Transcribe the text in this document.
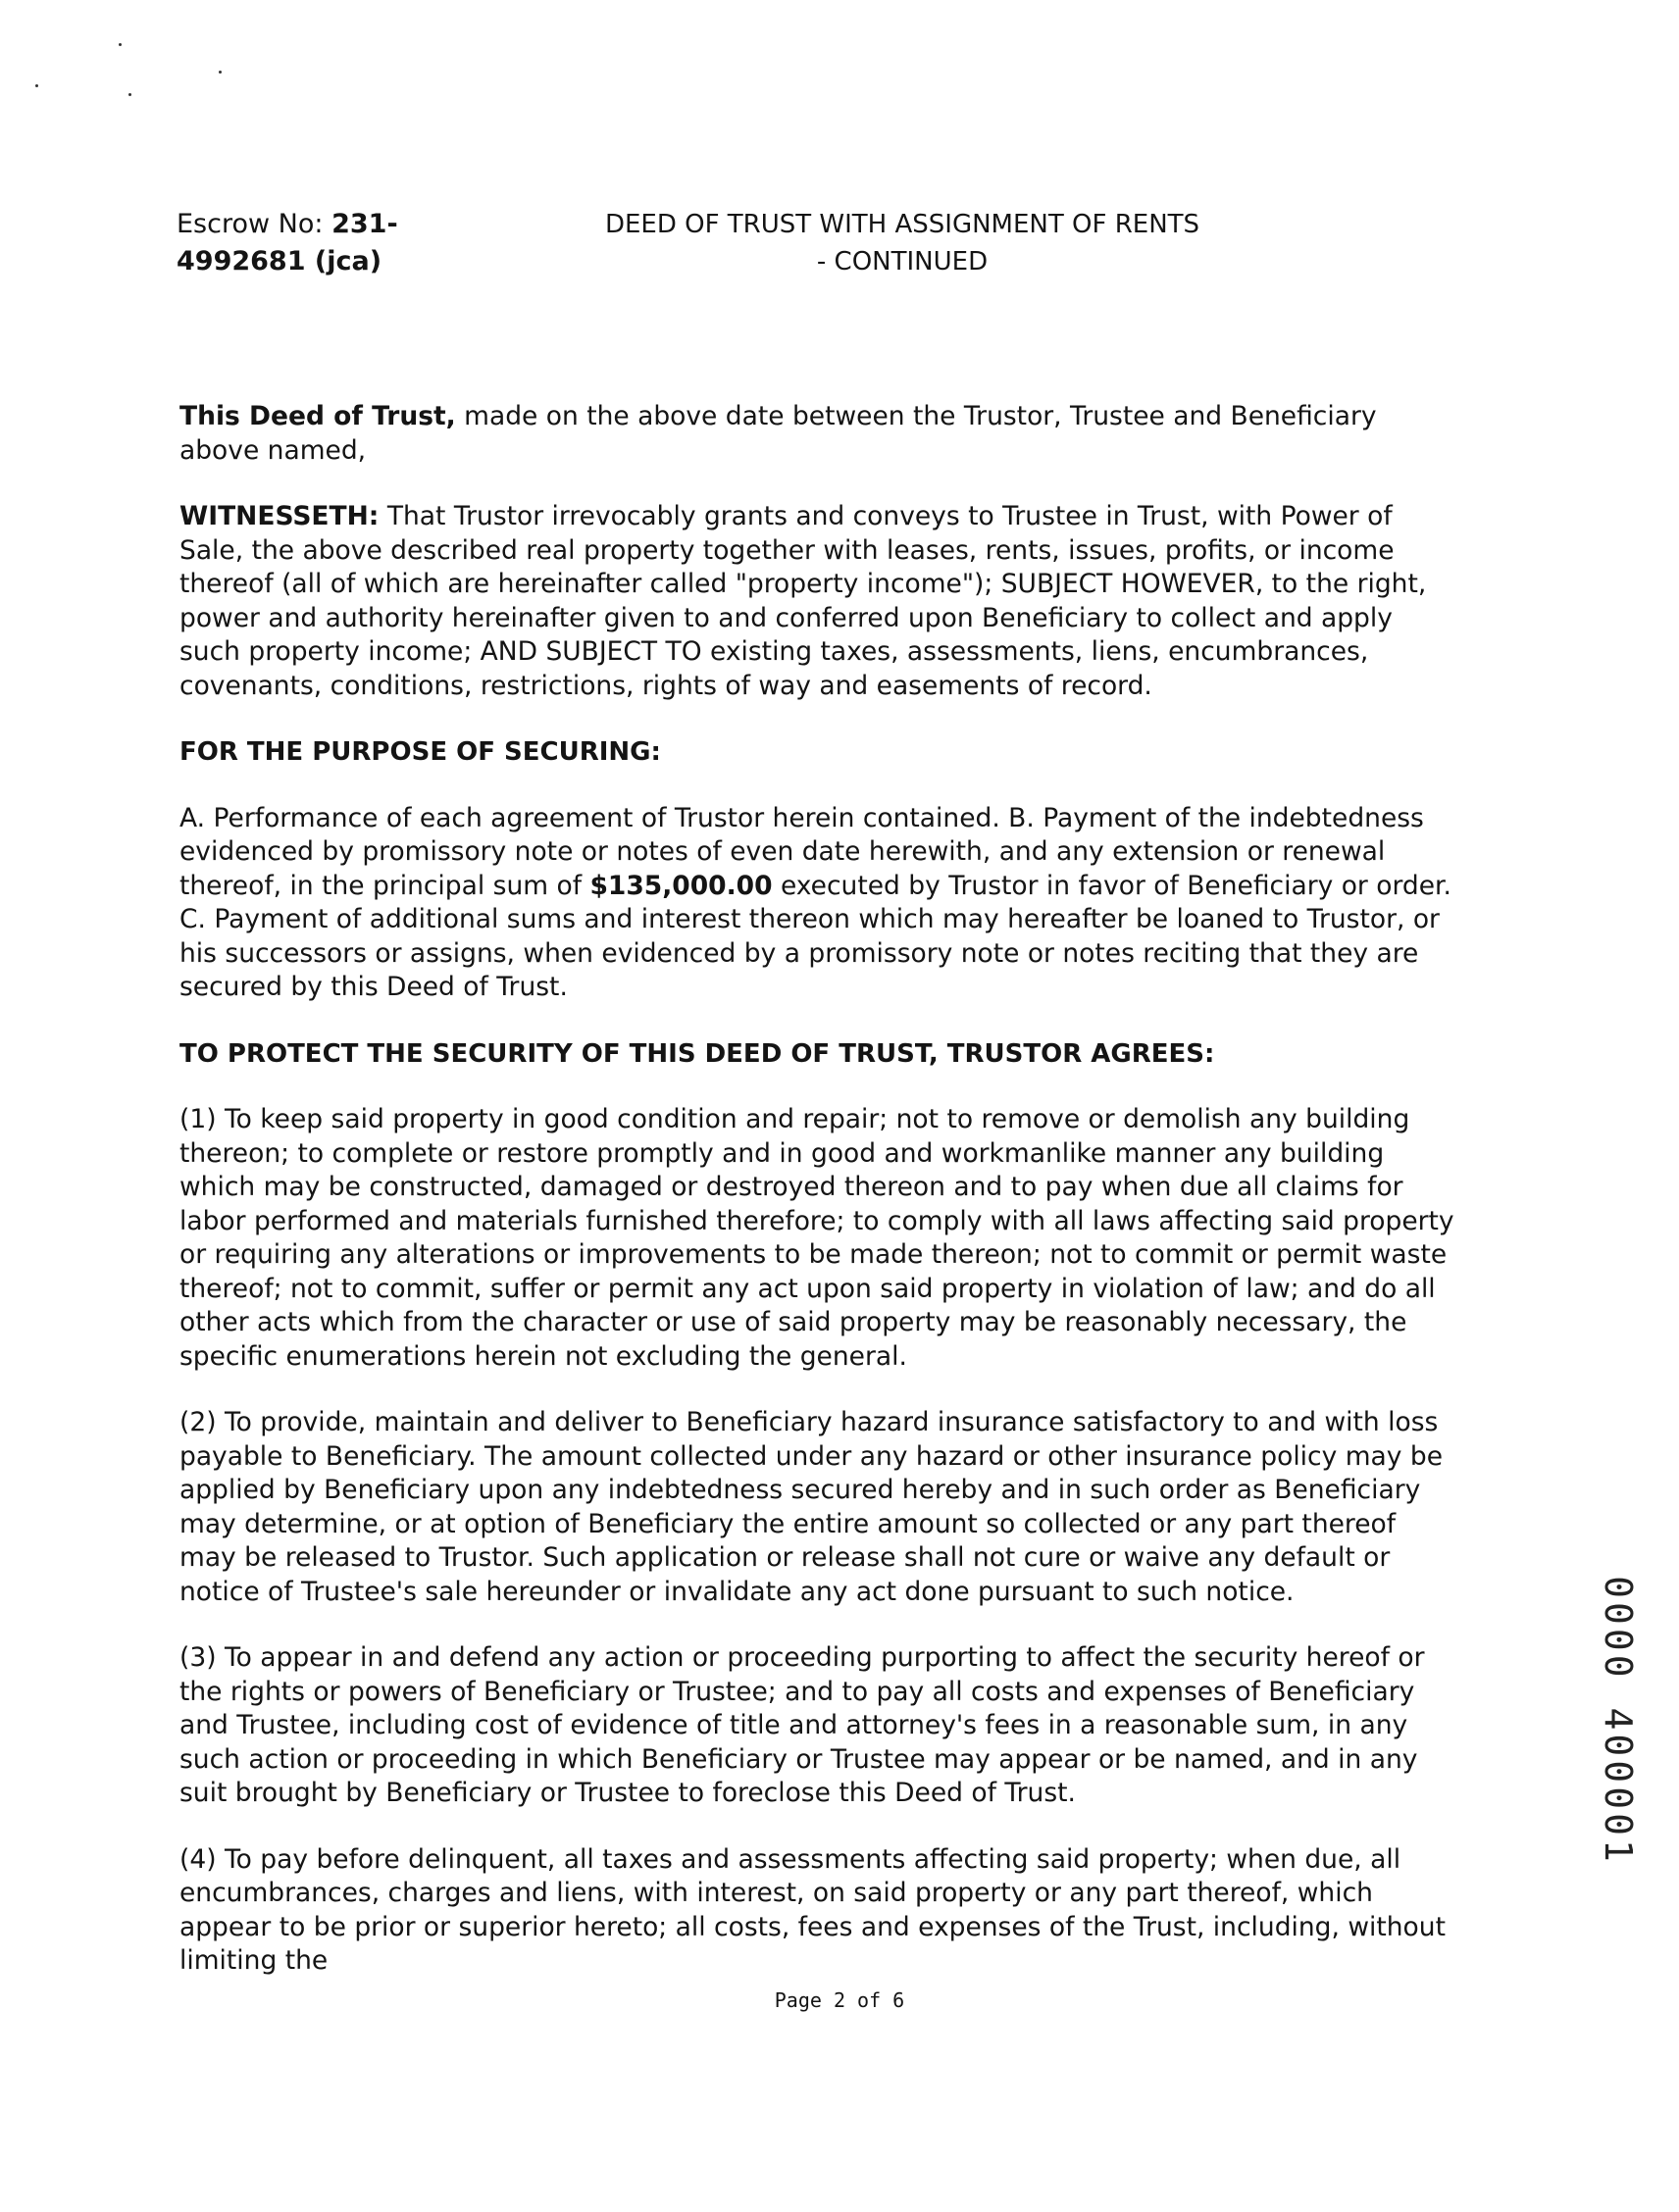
Escrow No: 231-
4992681 (jca)
DEED OF TRUST WITH ASSIGNMENT OF RENTS
- CONTINUED

This Deed of Trust, made on the above date between the Trustor, Trustee and Beneficiary above named,

WITNESSETH: That Trustor irrevocably grants and conveys to Trustee in Trust, with Power of Sale, the above described real property together with leases, rents, issues, profits, or income thereof (all of which are hereinafter called "property income"); SUBJECT HOWEVER, to the right, power and authority hereinafter given to and conferred upon Beneficiary to collect and apply such property income; AND SUBJECT TO existing taxes, assessments, liens, encumbrances, covenants, conditions, restrictions, rights of way and easements of record.

FOR THE PURPOSE OF SECURING:

A. Performance of each agreement of Trustor herein contained. B. Payment of the indebtedness evidenced by promissory note or notes of even date herewith, and any extension or renewal thereof, in the principal sum of $135,000.00 executed by Trustor in favor of Beneficiary or order. C. Payment of additional sums and interest thereon which may hereafter be loaned to Trustor, or his successors or assigns, when evidenced by a promissory note or notes reciting that they are secured by this Deed of Trust.

TO PROTECT THE SECURITY OF THIS DEED OF TRUST, TRUSTOR AGREES:

(1) To keep said property in good condition and repair; not to remove or demolish any building thereon; to complete or restore promptly and in good and workmanlike manner any building which may be constructed, damaged or destroyed thereon and to pay when due all claims for labor performed and materials furnished therefore; to comply with all laws affecting said property or requiring any alterations or improvements to be made thereon; not to commit or permit waste thereof; not to commit, suffer or permit any act upon said property in violation of law; and do all other acts which from the character or use of said property may be reasonably necessary, the specific enumerations herein not excluding the general.

(2) To provide, maintain and deliver to Beneficiary hazard insurance satisfactory to and with loss payable to Beneficiary. The amount collected under any hazard or other insurance policy may be applied by Beneficiary upon any indebtedness secured hereby and in such order as Beneficiary may determine, or at option of Beneficiary the entire amount so collected or any part thereof may be released to Trustor. Such application or release shall not cure or waive any default or notice of Trustee's sale hereunder or invalidate any act done pursuant to such notice.

(3) To appear in and defend any action or proceeding purporting to affect the security hereof or the rights or powers of Beneficiary or Trustee; and to pay all costs and expenses of Beneficiary and Trustee, including cost of evidence of title and attorney's fees in a reasonable sum, in any such action or proceeding in which Beneficiary or Trustee may appear or be named, and in any suit brought by Beneficiary or Trustee to foreclose this Deed of Trust.

(4) To pay before delinquent, all taxes and assessments affecting said property; when due, all encumbrances, charges and liens, with interest, on said property or any part thereof, which appear to be prior or superior hereto; all costs, fees and expenses of the Trust, including, without limiting the

Page 2 of 6
0000 400001
